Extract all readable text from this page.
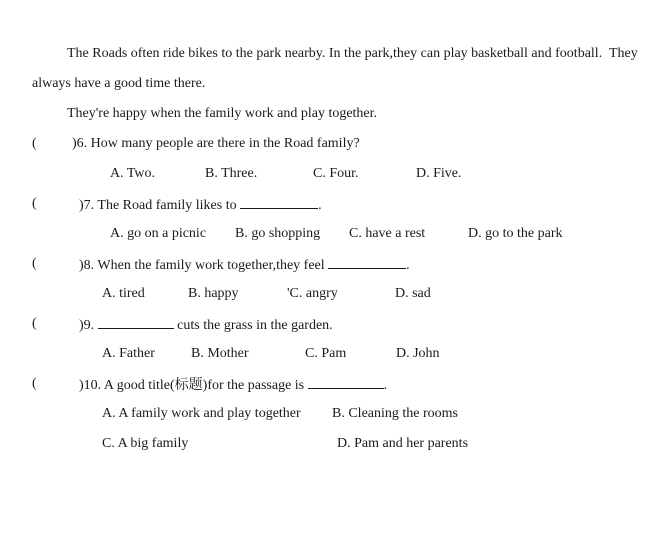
The Roads often ride bikes to the park nearby. In the park,they can play basketball and football.  They
always have a good time there.
They're happy when the family work and play together.
(	)6. How many people are there in the Road family?
A. Two.	B. Three.	C. Four.	D. Five.
(	)7. The Road family likes to	.
A. go on a picnic B. go shopping C. have a rest	D. go to the park
(	)8. When the family work together,they feel	.
A. tired	B. happy	'C. angry	D. sad
(	)9.	cuts the grass in the garden.
A. Father	B. Mother	C. Pam	D. John
(	)10. A good title(标题)for the passage is	.
A. A family work and play together B. Cleaning the rooms
C. A big family	D. Pam and her parents
